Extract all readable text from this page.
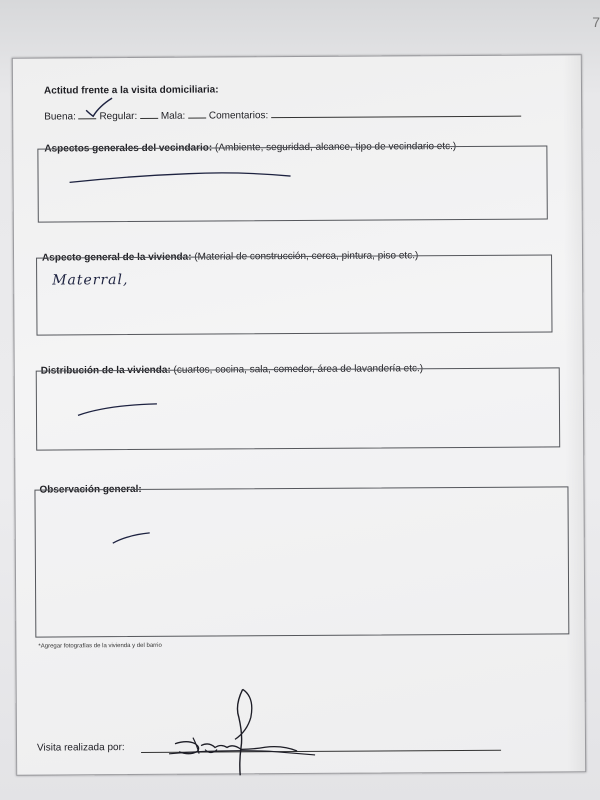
7
Actitud frente a la visita domiciliaria:
Buena: Regular: Mala: Comentarios:
Aspectos generales del vecindario: (Ambiente, seguridad, alcance, tipo de vecindario etc.)
Aspecto general de la vivienda: (Material de construcción, cerca, pintura, piso etc.)
Materral,
Distribución de la vivienda: (cuartos, cocina, sala, comedor, área de lavandería etc.)
Observación general:
*Agregar fotografías de la vivienda y del barrio
Visita realizada por:
